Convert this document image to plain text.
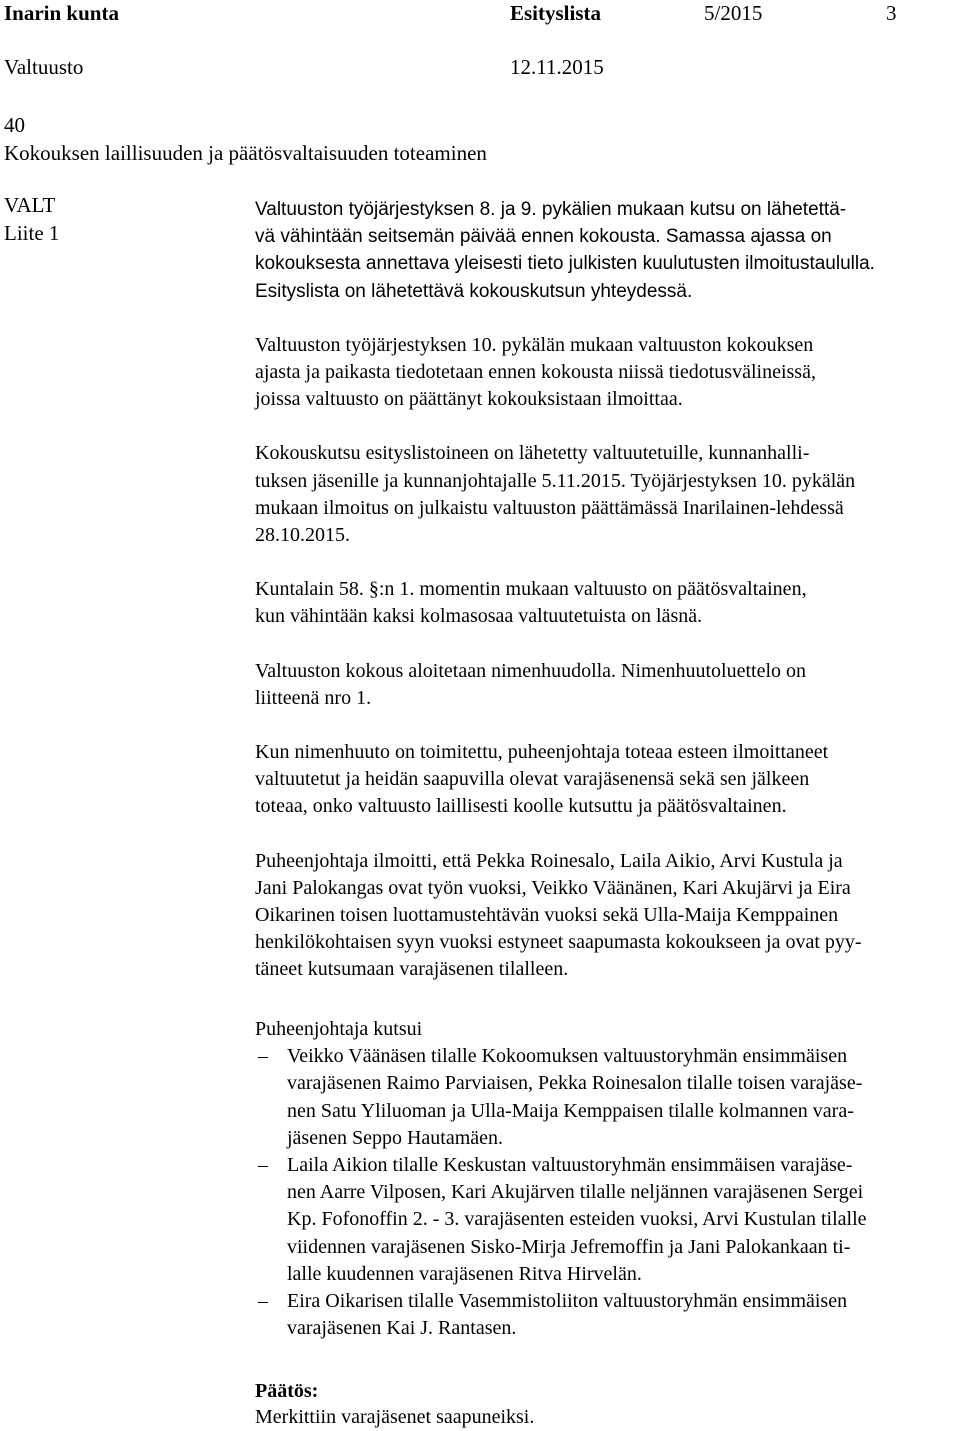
Inarin kunta	Esityslista	5/2015	3
Valtuusto	12.11.2015
40
Kokouksen laillisuuden ja päätösvaltaisuuden toteaminen
VALT
Liite 1
Valtuuston työjärjestyksen 8. ja 9. pykälien mukaan kutsu on lähetettä-
vä vähintään seitsemän päivää ennen kokousta. Samassa ajassa on
kokouksesta annettava yleisesti tieto julkisten kuulutusten ilmoitustaululla.
Esityslista on lähetettävä kokouskutsun yhteydessä.
Valtuuston työjärjestyksen 10. pykälän mukaan valtuuston kokouksen
ajasta ja paikasta tiedotetaan ennen kokousta niissä tiedotusvälineissä,
joissa valtuusto on päättänyt kokouksistaan ilmoittaa.
Kokouskutsu esityslistoineen on lähetetty valtuutetuille, kunnanhalli-
tuksen jäsenille ja kunnanjohtajalle 5.11.2015. Työjärjestyksen 10. pykälän
mukaan ilmoitus on julkaistu valtuuston päättämässä Inarilainen-lehdessä
28.10.2015.
Kuntalain 58. §:n 1. momentin mukaan valtuusto on päätösvaltainen,
kun vähintään kaksi kolmasosaa valtuutetuista on läsnä.
Valtuuston kokous aloitetaan nimenhuudolla. Nimenhuutoluettelo on
liitteenä nro 1.
Kun nimenhuuto on toimitettu, puheenjohtaja toteaa esteen ilmoittaneet
valtuutetut ja heidän saapuvilla olevat varajäsenensä sekä sen jälkeen
toteaa, onko valtuusto laillisesti koolle kutsuttu ja päätösvaltainen.
Puheenjohtaja ilmoitti, että Pekka Roinesalo, Laila Aikio, Arvi Kustula ja
Jani Palokangas ovat työn vuoksi, Veikko Väänänen, Kari Akujärvi ja Eira
Oikarinen toisen luottamustehtävän vuoksi sekä Ulla-Maija Kemppainen
henkilökohtaisen syyn vuoksi estyneet saapumasta kokoukseen ja ovat pyy-
täneet kutsumaan varajäsenen tilalleen.
Puheenjohtaja kutsui
– Veikko Väänäsen tilalle Kokoomuksen valtuustoryhmän ensimmäisen
varajäsenen Raimo Parviaisen, Pekka Roinesalon tilalle toisen varajäse-
nen Satu Yliluoman ja Ulla-Maija Kemppaisen tilalle kolmannen vara-
jäsenen Seppo Hautamäen.
– Laila Aikion tilalle Keskustan valtuustoryhmän ensimmäisen varajäse-
nen Aarre Vilposen, Kari Akujärven tilalle neljännen varajäsenen Sergei
Kp. Fofonoffin 2. - 3. varajäsenten esteiden vuoksi, Arvi Kustulan tilalle
viidennen varajäsenen Sisko-Mirja Jefremoffin ja Jani Palokankaan ti-
lalle kuudennen varajäsenen Ritva Hirvelän.
– Eira Oikarisen tilalle Vasemmistoliiton valtuustoryhmän ensimmäisen
varajäsenen Kai J. Rantasen.
Päätös:
Merkittiin varajäsenet saapuneiksi.
